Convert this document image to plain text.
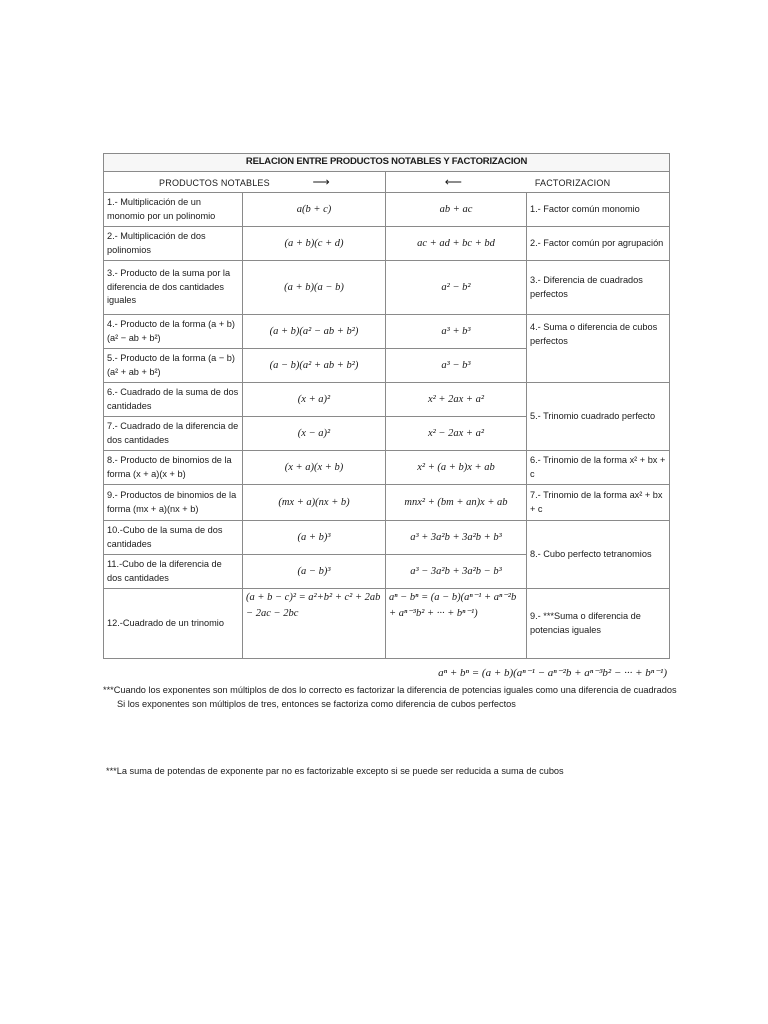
RELACION ENTRE PRODUCTOS NOTABLES Y FACTORIZACION			
PRODUCTOS NOTABLES ⟶		⟵ FACTORIZACION	
1.- Multiplicación de un monomio por un polinomio	a(b + c)	ab + ac	1.- Factor común monomio
2.- Multiplicación de dos polinomios	(a + b)(c + d)	ac + ad + bc + bd	2.- Factor común por agrupación
3.- Producto de la suma por la diferencia de dos cantidades iguales	(a + b)(a − b)	a² − b²	3.- Diferencia de cuadrados perfectos
4.- Producto de la forma (a + b)(a² − ab + b²)	(a + b)(a² − ab + b²)	a³ + b³	4.- Suma o diferencia de cubos perfectos
5.- Producto de la forma (a − b)(a² + ab + b²)	(a − b)(a² + ab + b²)	a³ − b³	
6.- Cuadrado de la suma de dos cantidades	(x + a)²	x² + 2ax + a²	5.- Trinomio cuadrado perfecto
7.- Cuadrado de la diferencia de dos cantidades	(x − a)²	x² − 2ax + a²	
8.- Producto de binomios de la forma (x + a)(x + b)	(x + a)(x + b)	x² + (a + b)x + ab	6.- Trinomio de la forma x² + bx + c
9.- Productos de binomios de la forma (mx + a)(nx + b)	(mx + a)(nx + b)	mnx² + (bm + an)x + ab	7.- Trinomio de la forma ax² + bx + c
10.-Cubo de la suma de dos cantidades	(a + b)³	a³ + 3a²b + 3a²b + b³	8.- Cubo perfecto tetranomios
11.-Cubo de la diferencia de dos cantidades	(a − b)³	a³ − 3a²b + 3a²b − b³	
12.-Cuadrado de un trinomio	(a + b − c)² = a²+b² + c² + 2ab − 2ac − 2bc	aⁿ − bⁿ = (a − b)(aⁿ⁻¹ + aⁿ⁻²b + aⁿ⁻³b² + ··· + bⁿ⁻¹)	9.- ***Suma o diferencia de potencias iguales
aⁿ + bⁿ = (a + b)(aⁿ⁻¹ − aⁿ⁻²b + aⁿ⁻³b² − ··· + bⁿ⁻¹)
***Cuando los exponentes son múltiplos de dos lo correcto es factorizar la diferencia de potencias iguales como una diferencia de cuadrados
Si los exponentes son múltiplos de tres, entonces se factoriza como diferencia de cubos perfectos
***La suma de potendas de exponente par no es factorizable excepto si se puede ser reducida a suma de cubos
